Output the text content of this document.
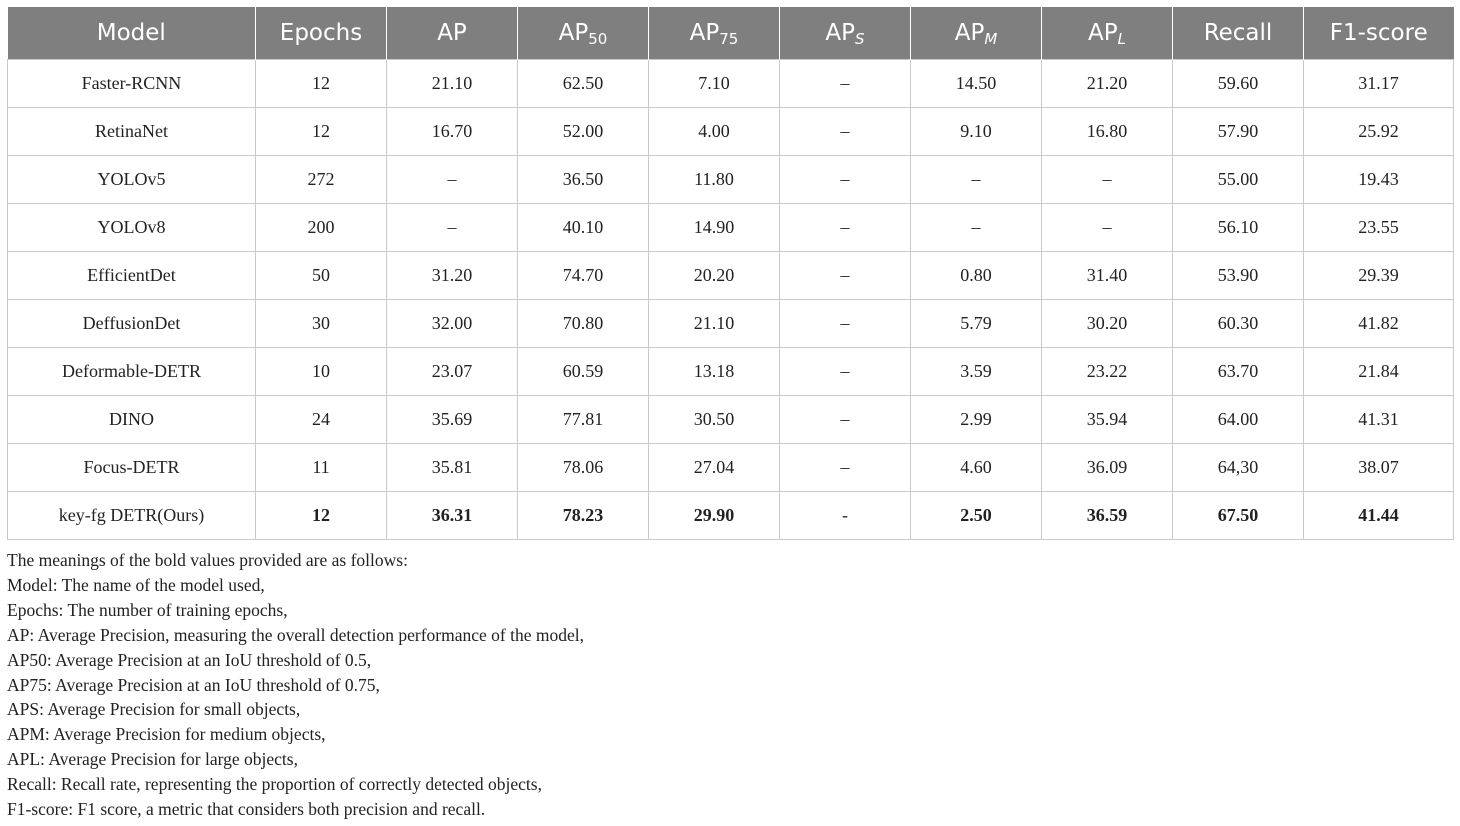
Model	Epochs	AP	$AP_{50}$	$AP_{75}$	$AP_S$	$AP_M$	$AP_L$	Recall	F1-score
Faster-RCNN	12	21.10	62.50	7.10	–	14.50	21.20	59.60	31.17
RetinaNet	12	16.70	52.00	4.00	–	9.10	16.80	57.90	25.92
YOLOv5	272	–	36.50	11.80	–	–	–	55.00	19.43
YOLOv8	200	–	40.10	14.90	–	–	–	56.10	23.55
EfficientDet	50	31.20	74.70	20.20	–	0.80	31.40	53.90	29.39
DeffusionDet	30	32.00	70.80	21.10	–	5.79	30.20	60.30	41.82
Deformable-DETR	10	23.07	60.59	13.18	–	3.59	23.22	63.70	21.84
DINO	24	35.69	77.81	30.50	–	2.99	35.94	64.00	41.31
Focus-DETR	11	35.81	78.06	27.04	–	4.60	36.09	64,30	38.07
key-fg DETR(Ours)	12	36.31	78.23	29.90	-	2.50	36.59	67.50	41.44
The meanings of the bold values provided are as follows:
Model: The name of the model used,
Epochs: The number of training epochs,
AP: Average Precision, measuring the overall detection performance of the model,
AP50: Average Precision at an IoU threshold of 0.5,
AP75: Average Precision at an IoU threshold of 0.75,
APS: Average Precision for small objects,
APM: Average Precision for medium objects,
APL: Average Precision for large objects,
Recall: Recall rate, representing the proportion of correctly detected objects,
F1-score: F1 score, a metric that considers both precision and recall.
